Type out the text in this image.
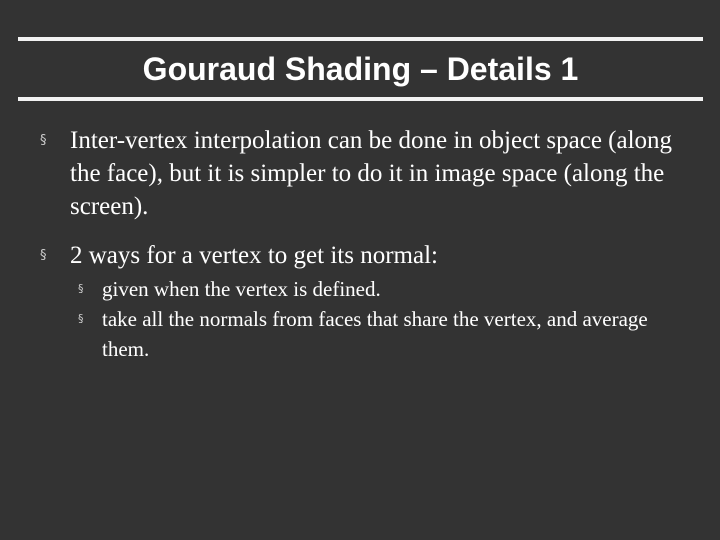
Gouraud Shading – Details 1
§ Inter-vertex interpolation can be done in object space (along the face), but it is simpler to do it in image space (along the screen).
§ 2 ways for a vertex to get its normal:
§ given when the vertex is defined.
§ take all the normals from faces that share the vertex, and average them.
